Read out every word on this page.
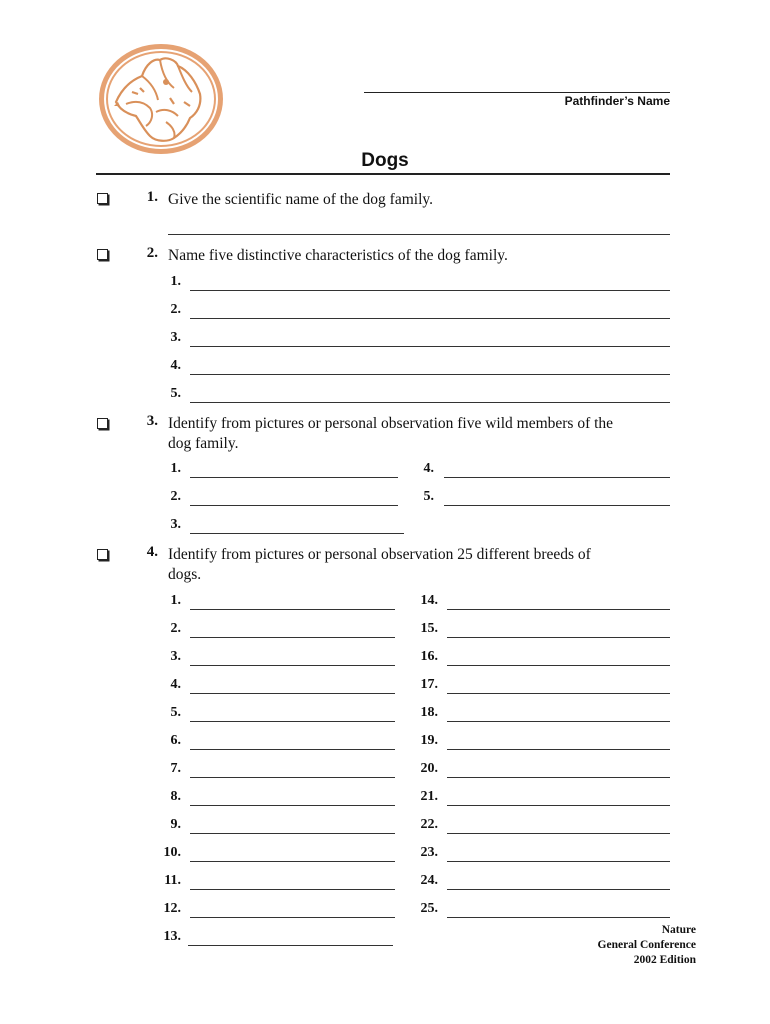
Pathfinder’s Name
Dogs
1. Give the scientific name of the dog family.
2. Name five distinctive characteristics of the dog family.
1.
2.
3.
4.
5.
3. Identify from pictures or personal observation five wild members of the
dog family.
1.
2.
3.
4.
5.
4. Identify from pictures or personal observation 25 different breeds of
dogs.
1.
2.
3.
4.
5.
6.
7.
8.
9.
10.
11.
12.
13.
14.
15.
16.
17.
18.
19.
20.
21.
22.
23.
24.
25.
Nature
General Conference
2002 Edition
